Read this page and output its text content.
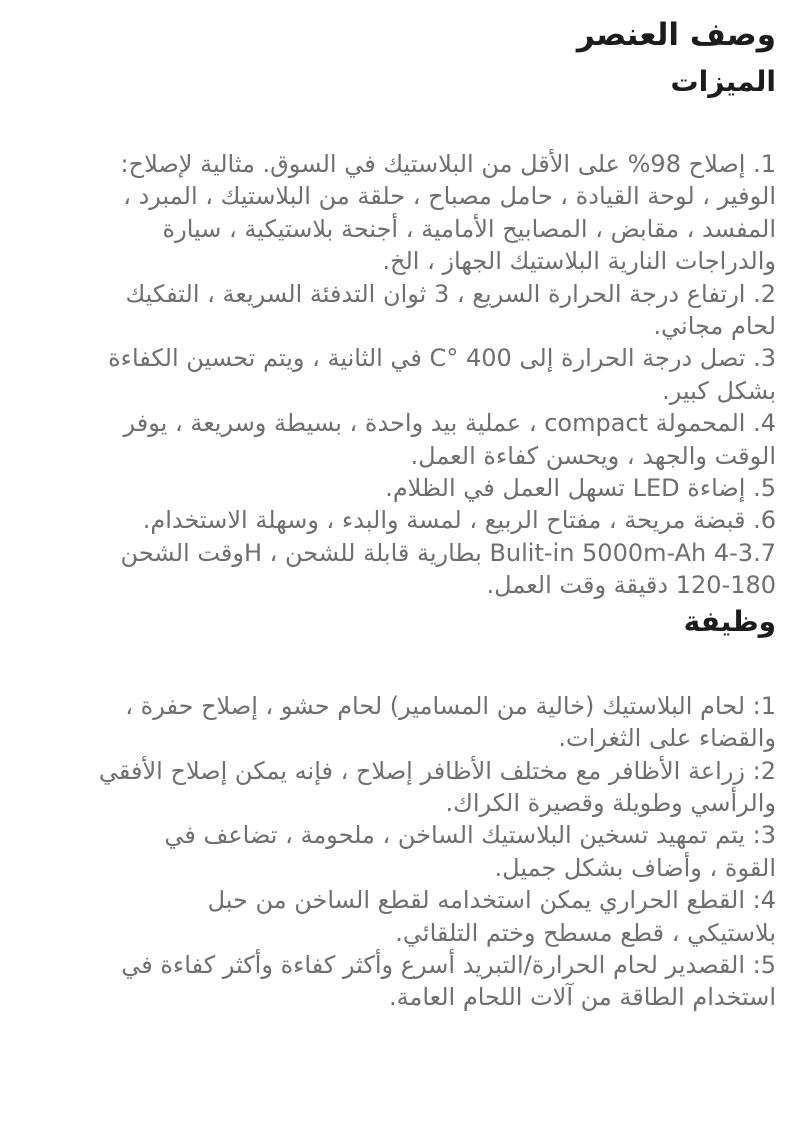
وصف العنصر
الميزات
1. إصلاح 98% على الأقل من البلاستيك في السوق. مثالية لإصلاح:
الوفير ، لوحة القيادة ، حامل مصباح ، حلقة من البلاستيك ، المبرد ،
المفسد ، مقابض ، المصابيح الأمامية ، أجنحة بلاستيكية ، سيارة
والدراجات النارية البلاستيك الجهاز ، الخ.
2. ارتفاع درجة الحرارة السريع ، 3 ثوان التدفئة السريعة ، التفكيك
لحام مجاني.
3. تصل درجة الحرارة إلى 400 °C في الثانية ، ويتم تحسين الكفاءة
بشكل كبير.
4. المحمولة compact ، عملية بيد واحدة ، بسيطة وسريعة ، يوفر
الوقت والجهد ، ويحسن كفاءة العمل.
5. إضاءة LED تسهل العمل في الظلام.
6. قبضة مريحة ، مفتاح الربيع ، لمسة والبدء ، وسهلة الاستخدام.
7.Bulit-in 5000m-Ah 4-3 بطارية قابلة للشحن ، Hوقت الشحن
120-180 دقيقة وقت العمل.
وظيفة
1: لحام البلاستيك (خالية من المسامير) لحام حشو ، إصلاح حفرة ،
والقضاء على الثغرات.
2: زراعة الأظافر مع مختلف الأظافر إصلاح ، فإنه يمكن إصلاح الأفقي
والرأسي وطويلة وقصيرة الكراك.
3: يتم تمهيد تسخين البلاستيك الساخن ، ملحومة ، تضاعف في
القوة ، وأضاف بشكل جميل.
4: القطع الحراري يمكن استخدامه لقطع الساخن من حبل
بلاستيكي ، قطع مسطح وختم التلقائي.
5: القصدير لحام الحرارة/التبريد أسرع وأكثر كفاءة وأكثر كفاءة في
استخدام الطاقة من آلات اللحام العامة.
